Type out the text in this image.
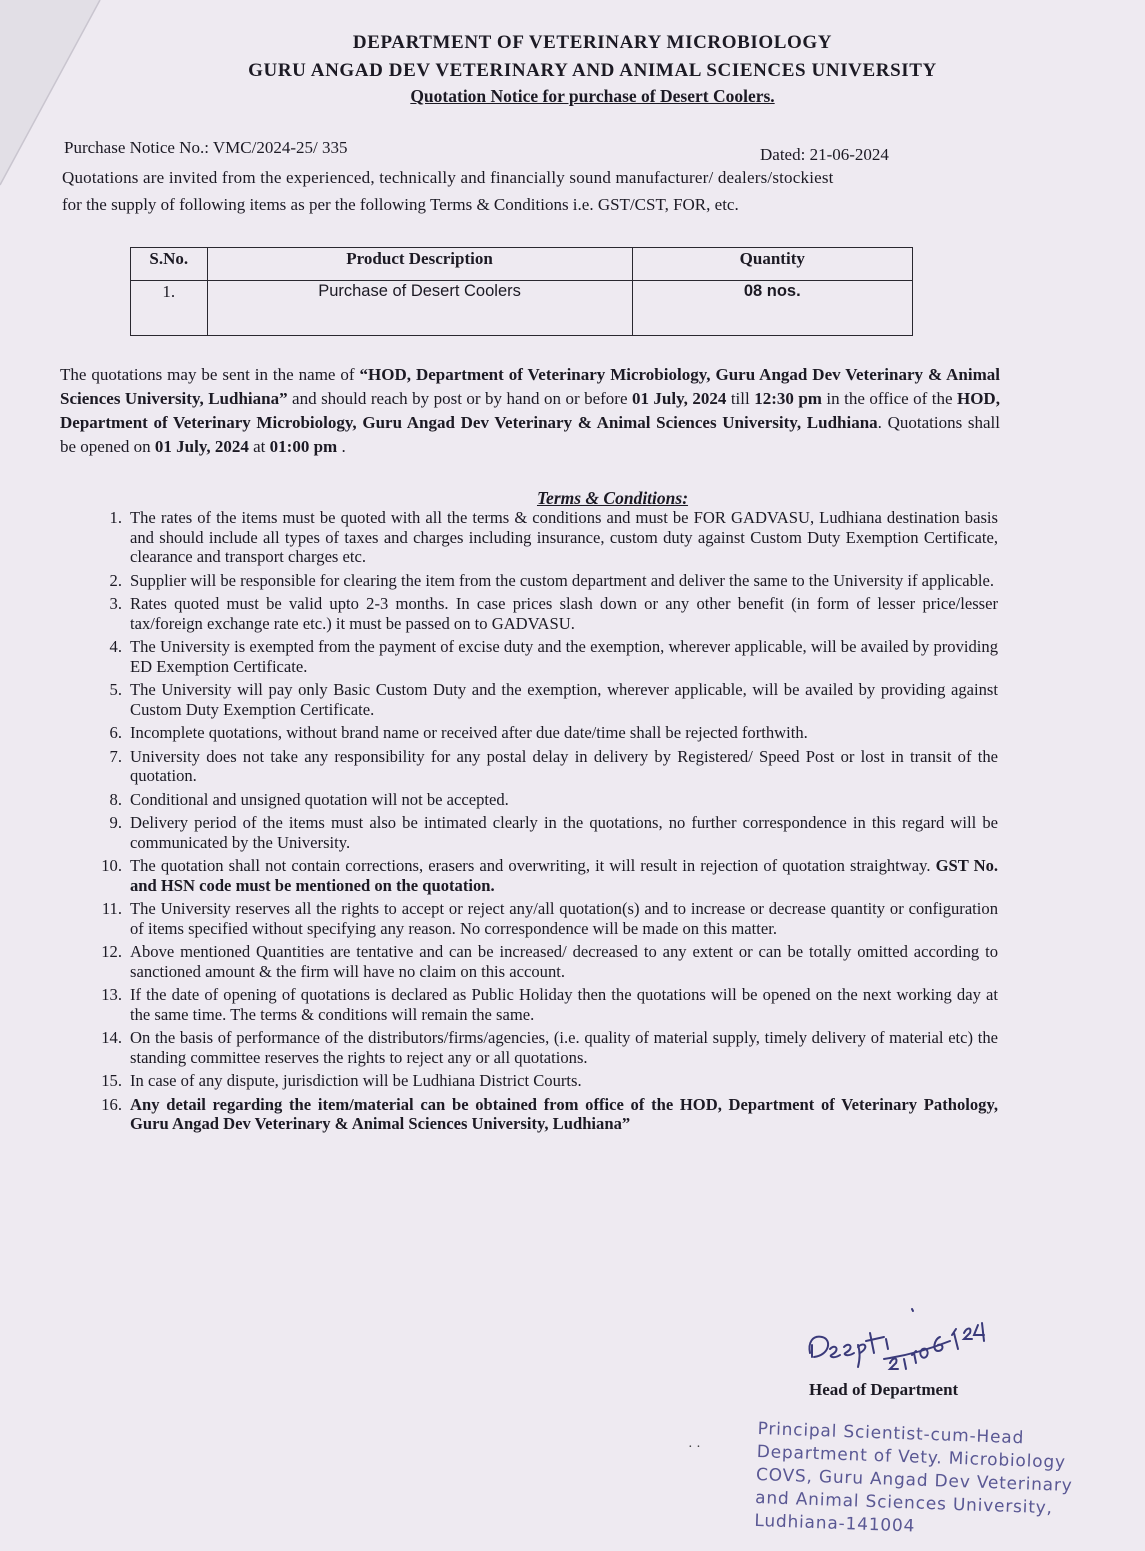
DEPARTMENT OF VETERINARY MICROBIOLOGY
GURU ANGAD DEV VETERINARY AND ANIMAL SCIENCES UNIVERSITY
Quotation Notice for purchase of Desert Coolers.
Purchase Notice No.: VMC/2024-25/ 335	Dated: 21-06-2024
Quotations are invited from the experienced, technically and financially sound manufacturer/ dealers/stockiest
for the supply of following items as per the following Terms & Conditions i.e. GST/CST, FOR, etc.
S.No.	Product Description	Quantity
1.	Purchase of Desert Coolers	08 nos.
The quotations may be sent in the name of “HOD, Department of Veterinary Microbiology, Guru Angad Dev Veterinary & Animal Sciences University, Ludhiana” and should reach by post or by hand on or before 01 July, 2024 till 12:30 pm in the office of the HOD, Department of Veterinary Microbiology, Guru Angad Dev Veterinary & Animal Sciences University, Ludhiana. Quotations shall be opened on 01 July, 2024 at 01:00 pm .
Terms & Conditions:
1. The rates of the items must be quoted with all the terms & conditions and must be FOR GADVASU, Ludhiana destination basis and should include all types of taxes and charges including insurance, custom duty against Custom Duty Exemption Certificate, clearance and transport charges etc.
2. Supplier will be responsible for clearing the item from the custom department and deliver the same to the University if applicable.
3. Rates quoted must be valid upto 2-3 months. In case prices slash down or any other benefit (in form of lesser price/lesser tax/foreign exchange rate etc.) it must be passed on to GADVASU.
4. The University is exempted from the payment of excise duty and the exemption, wherever applicable, will be availed by providing ED Exemption Certificate.
5. The University will pay only Basic Custom Duty and the exemption, wherever applicable, will be availed by providing against Custom Duty Exemption Certificate.
6. Incomplete quotations, without brand name or received after due date/time shall be rejected forthwith.
7. University does not take any responsibility for any postal delay in delivery by Registered/ Speed Post or lost in transit of the quotation.
8. Conditional and unsigned quotation will not be accepted.
9. Delivery period of the items must also be intimated clearly in the quotations, no further correspondence in this regard will be communicated by the University.
10. The quotation shall not contain corrections, erasers and overwriting, it will result in rejection of quotation straightway. GST No. and HSN code must be mentioned on the quotation.
11. The University reserves all the rights to accept or reject any/all quotation(s) and to increase or decrease quantity or configuration of items specified without specifying any reason. No correspondence will be made on this matter.
12. Above mentioned Quantities are tentative and can be increased/ decreased to any extent or can be totally omitted according to sanctioned amount & the firm will have no claim on this account.
13. If the date of opening of quotations is declared as Public Holiday then the quotations will be opened on the next working day at the same time. The terms & conditions will remain the same.
14. On the basis of performance of the distributors/firms/agencies, (i.e. quality of material supply, timely delivery of material etc) the standing committee reserves the rights to reject any or all quotations.
15. In case of any dispute, jurisdiction will be Ludhiana District Courts.
16. Any detail regarding the item/material can be obtained from office of the HOD, Department of Veterinary Pathology, Guru Angad Dev Veterinary & Animal Sciences University, Ludhiana”
Head of Department
· ·	Principal Scientist-cum-Head
Department of Vety. Microbiology
COVS, Guru Angad Dev Veterinary
and Animal Sciences University,
Ludhiana-141004
